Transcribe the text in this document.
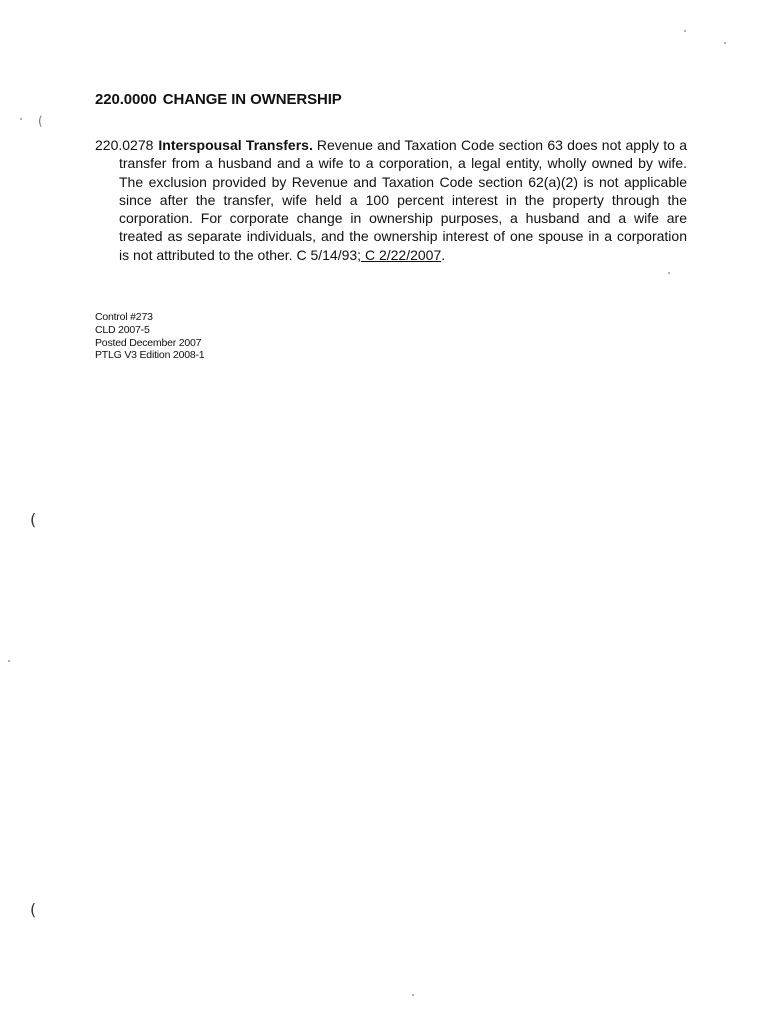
220.0000 CHANGE IN OWNERSHIP
220.0278 Interspousal Transfers. Revenue and Taxation Code section 63 does not apply to a transfer from a husband and a wife to a corporation, a legal entity, wholly owned by wife. The exclusion provided by Revenue and Taxation Code section 62(a)(2) is not applicable since after the transfer, wife held a 100 percent interest in the property through the corporation. For corporate change in ownership purposes, a husband and a wife are treated as separate individuals, and the ownership interest of one spouse in a corporation is not attributed to the other. C 5/14/93; C 2/22/2007.
Control #273
CLD 2007-5
Posted December 2007
PTLG V3 Edition 2008-1
(
(
(
